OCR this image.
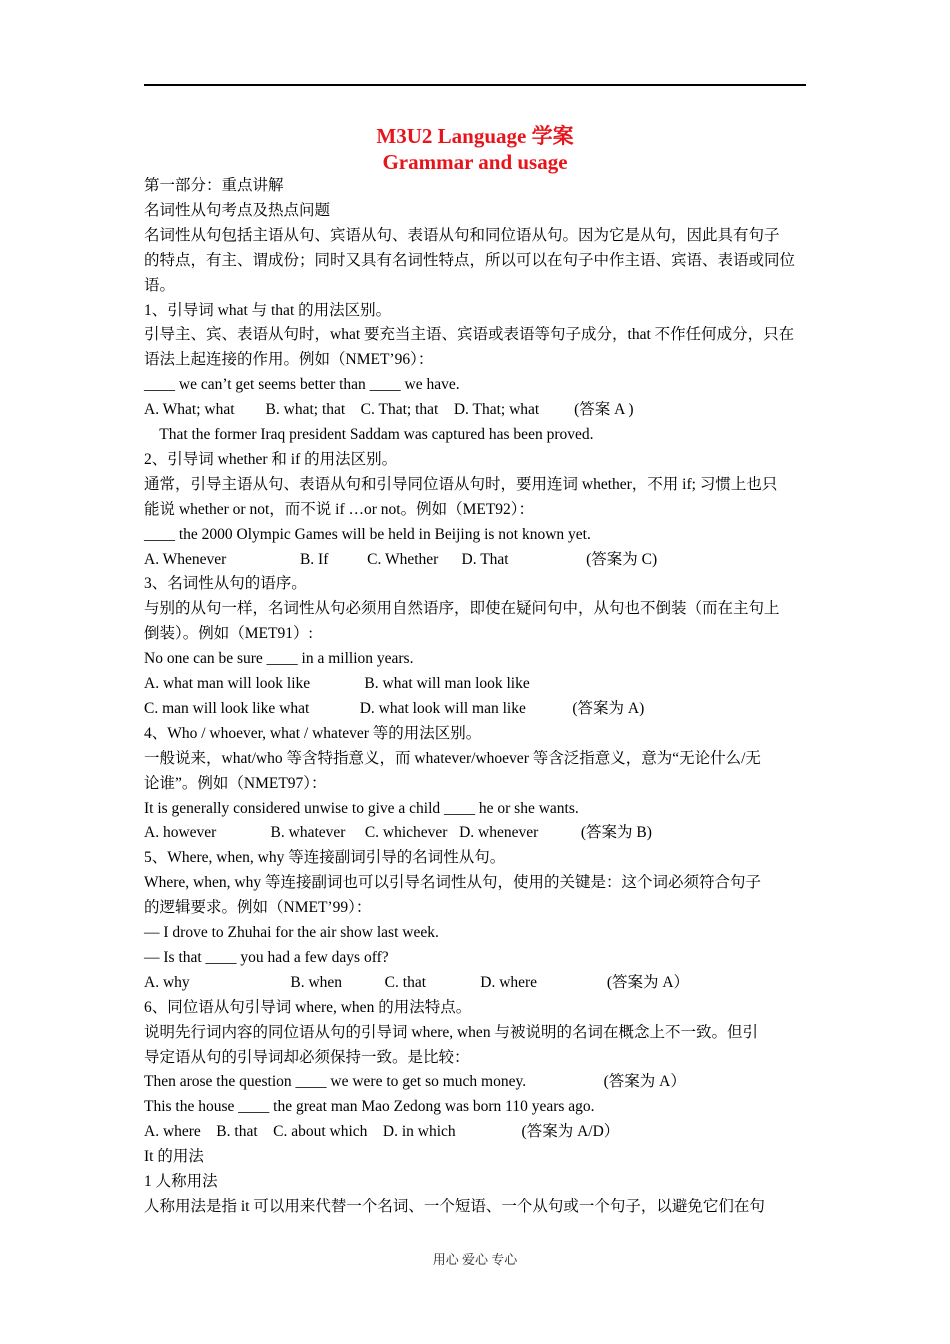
M3U2 Language 学案
Grammar and usage
第一部分：重点讲解
名词性从句考点及热点问题
名词性从句包括主语从句、宾语从句、表语从句和同位语从句。因为它是从句，因此具有句子
的特点，有主、谓成份；同时又具有名词性特点，所以可以在句子中作主语、宾语、表语或同位
语。
1、引导词 what 与 that 的用法区别。
引导主、宾、表语从句时，what 要充当主语、宾语或表语等句子成分，that 不作任何成分，只在
语法上起连接的作用。例如（NMET’96）：
____ we can’t get seems better than ____ we have.
A. What; what        B. what; that    C. That; that    D. That; what         (答案 A )
That the former Iraq president Saddam was captured has been proved.
2、引导词 whether 和 if 的用法区别。
通常，引导主语从句、表语从句和引导同位语从句时，要用连词 whether，不用 if; 习惯上也只
能说 whether or not，而不说 if …or not。例如（MET92）：
____ the 2000 Olympic Games will be held in Beijing is not known yet.
A. Whenever                   B. If          C. Whether      D. That                    (答案为 C)
3、名词性从句的语序。
与别的从句一样，名词性从句必须用自然语序，即使在疑问句中，从句也不倒装（而在主句上
倒装）。例如（MET91）:
No one can be sure ____ in a million years.
A. what man will look like              B. what will man look like
C. man will look like what             D. what look will man like            (答案为 A)
4、Who / whoever, what / whatever 等的用法区别。
一般说来，what/who 等含特指意义，而 whatever/whoever 等含泛指意义，意为“无论什么/无
论谁”。例如（NMET97）：
It is generally considered unwise to give a child ____ he or she wants.
A. however              B. whatever     C. whichever   D. whenever           (答案为 B)
5、Where, when, why 等连接副词引导的名词性从句。
Where, when, why 等连接副词也可以引导名词性从句，使用的关键是：这个词必须符合句子
的逻辑要求。例如（NMET’99）：
— I drove to Zhuhai for the air show last week.
— Is that ____ you had a few days off?
A. why                          B. when           C. that              D. where                  (答案为 A）
6、同位语从句引导词 where, when 的用法特点。
说明先行词内容的同位语从句的引导词 where, when 与被说明的名词在概念上不一致。但引
导定语从句的引导词却必须保持一致。是比较：
Then arose the question ____ we were to get so much money.                    (答案为 A）
This the house ____ the great man Mao Zedong was born 110 years ago.
A. where    B. that    C. about which    D. in which                 (答案为 A/D）
It 的用法
1 人称用法
人称用法是指 it 可以用来代替一个名词、一个短语、一个从句或一个句子，以避免它们在句
用心 爱心 专心
